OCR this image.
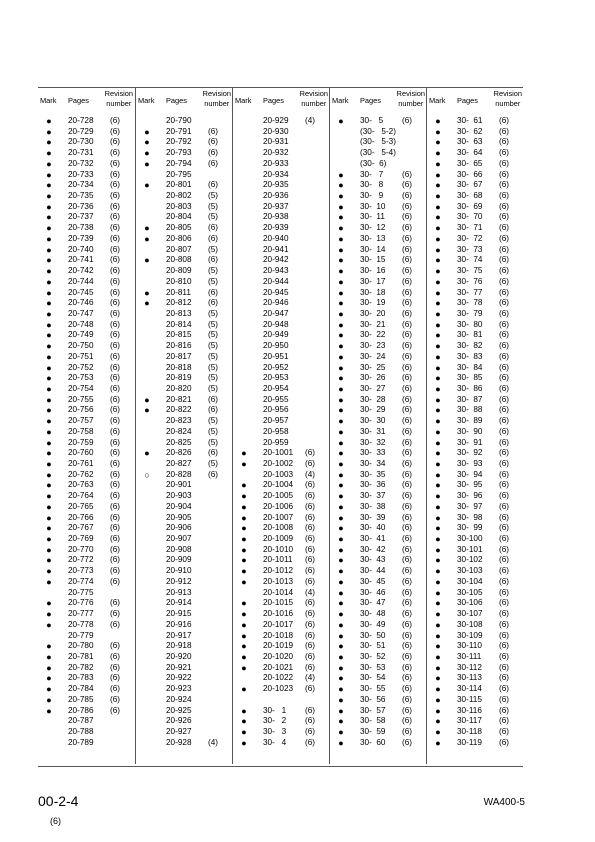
Mark Pages
Revision
number
● 20-728 (6)
● 20-729 (6)
● 20-730 (6)
● 20-731 (6)
● 20-732 (6)
● 20-733 (6)
● 20-734 (6)
● 20-735 (6)
● 20-736 (6)
● 20-737 (6)
● 20-738 (6)
● 20-739 (6)
● 20-740 (6)
● 20-741 (6)
● 20-742 (6)
● 20-744 (6)
● 20-745 (6)
● 20-746 (6)
● 20-747 (6)
● 20-748 (6)
● 20-749 (6)
● 20-750 (6)
● 20-751 (6)
● 20-752 (6)
● 20-753 (6)
● 20-754 (6)
● 20-755 (6)
● 20-756 (6)
● 20-757 (6)
● 20-758 (6)
● 20-759 (6)
● 20-760 (6)
● 20-761 (6)
● 20-762 (6)
● 20-763 (6)
● 20-764 (6)
● 20-765 (6)
● 20-766 (6)
● 20-767 (6)
● 20-769 (6)
● 20-770 (6)
● 20-772 (6)
● 20-773 (6)
● 20-774 (6)
20-775
● 20-776 (6)
● 20-777 (6)
● 20-778 (6)
20-779
● 20-780 (6)
● 20-781 (6)
● 20-782 (6)
● 20-783 (6)
● 20-784 (6)
● 20-785 (6)
● 20-786 (6)
20-787
20-788
20-789
Mark Pages
Revision
number
20-790
● 20-791 (6)
● 20-792 (6)
● 20-793 (6)
● 20-794 (6)
20-795
● 20-801 (6)
20-802 (5)
20-803 (5)
20-804 (5)
● 20-805 (6)
● 20-806 (6)
20-807 (5)
● 20-808 (6)
20-809 (5)
20-810 (5)
● 20-811 (6)
● 20-812 (6)
20-813 (5)
20-814 (5)
20-815 (5)
20-816 (5)
20-817 (5)
20-818 (5)
20-819 (5)
20-820 (5)
● 20-821 (6)
● 20-822 (6)
20-823 (5)
20-824 (5)
20-825 (5)
● 20-826 (6)
20-827 (5)
○ 20-828 (6)
20-901
20-903
20-904
20-905
20-906
20-907
20-908
20-909
20-910
20-912
20-913
20-914
20-915
20-916
20-917
20-918
20-920
20-921
20-922
20-923
20-924
20-925
20-926
20-927
20-928 (4)
Mark Pages
Revision
number
20-929 (4)
20-930
20-931
20-932
20-933
20-934
20-935
20-936
20-937
20-938
20-939
20-940
20-941
20-942
20-943
20-944
20-945
20-946
20-947
20-948
20-949
20-950
20-951
20-952
20-953
20-954
20-955
20-956
20-957
20-958
20-959
● 20-1001 (6)
● 20-1002 (6)
20-1003 (4)
● 20-1004 (6)
● 20-1005 (6)
● 20-1006 (6)
● 20-1007 (6)
● 20-1008 (6)
● 20-1009 (6)
● 20-1010 (6)
● 20-1011 (6)
● 20-1012 (6)
● 20-1013 (6)
20-1014 (4)
● 20-1015 (6)
● 20-1016 (6)
● 20-1017 (6)
● 20-1018 (6)
● 20-1019 (6)
● 20-1020 (6)
● 20-1021 (6)
20-1022 (4)
● 20-1023 (6)
● 30-   1 (6)
● 30-   2 (6)
● 30-   3 (6)
● 30-   4 (6)
Mark Pages
Revision
number
● 30-   5 (6)
(30-   5-2)
(30-   5-3)
(30-   5-4)
(30-  6)
● 30-   7 (6)
● 30-   8 (6)
● 30-   9 (6)
● 30-  10 (6)
● 30-  11 (6)
● 30-  12 (6)
● 30-  13 (6)
● 30-  14 (6)
● 30-  15 (6)
● 30-  16 (6)
● 30-  17 (6)
● 30-  18 (6)
● 30-  19 (6)
● 30-  20 (6)
● 30-  21 (6)
● 30-  22 (6)
● 30-  23 (6)
● 30-  24 (6)
● 30-  25 (6)
● 30-  26 (6)
● 30-  27 (6)
● 30-  28 (6)
● 30-  29 (6)
● 30-  30 (6)
● 30-  31 (6)
● 30-  32 (6)
● 30-  33 (6)
● 30-  34 (6)
● 30-  35 (6)
● 30-  36 (6)
● 30-  37 (6)
● 30-  38 (6)
● 30-  39 (6)
● 30-  40 (6)
● 30-  41 (6)
● 30-  42 (6)
● 30-  43 (6)
● 30-  44 (6)
● 30-  45 (6)
● 30-  46 (6)
● 30-  47 (6)
● 30-  48 (6)
● 30-  49 (6)
● 30-  50 (6)
● 30-  51 (6)
● 30-  52 (6)
● 30-  53 (6)
● 30-  54 (6)
● 30-  55 (6)
● 30-  56 (6)
● 30-  57 (6)
● 30-  58 (6)
● 30-  59 (6)
● 30-  60 (6)
Mark Pages
Revision
number
● 30-  61 (6)
● 30-  62 (6)
● 30-  63 (6)
● 30-  64 (6)
● 30-  65 (6)
● 30-  66 (6)
● 30-  67 (6)
● 30-  68 (6)
● 30-  69 (6)
● 30-  70 (6)
● 30-  71 (6)
● 30-  72 (6)
● 30-  73 (6)
● 30-  74 (6)
● 30-  75 (6)
● 30-  76 (6)
● 30-  77 (6)
● 30-  78 (6)
● 30-  79 (6)
● 30-  80 (6)
● 30-  81 (6)
● 30-  82 (6)
● 30-  83 (6)
● 30-  84 (6)
● 30-  85 (6)
● 30-  86 (6)
● 30-  87 (6)
● 30-  88 (6)
● 30-  89 (6)
● 30-  90 (6)
● 30-  91 (6)
● 30-  92 (6)
● 30-  93 (6)
● 30-  94 (6)
● 30-  95 (6)
● 30-  96 (6)
● 30-  97 (6)
● 30-  98 (6)
● 30-  99 (6)
● 30-100 (6)
● 30-101 (6)
● 30-102 (6)
● 30-103 (6)
● 30-104 (6)
● 30-105 (6)
● 30-106 (6)
● 30-107 (6)
● 30-108 (6)
● 30-109 (6)
● 30-110 (6)
● 30-111 (6)
● 30-112 (6)
● 30-113 (6)
● 30-114 (6)
● 30-115 (6)
● 30-116 (6)
● 30-117 (6)
● 30-118 (6)
● 30-119 (6)
00-2-4
(6)
WA400-5
